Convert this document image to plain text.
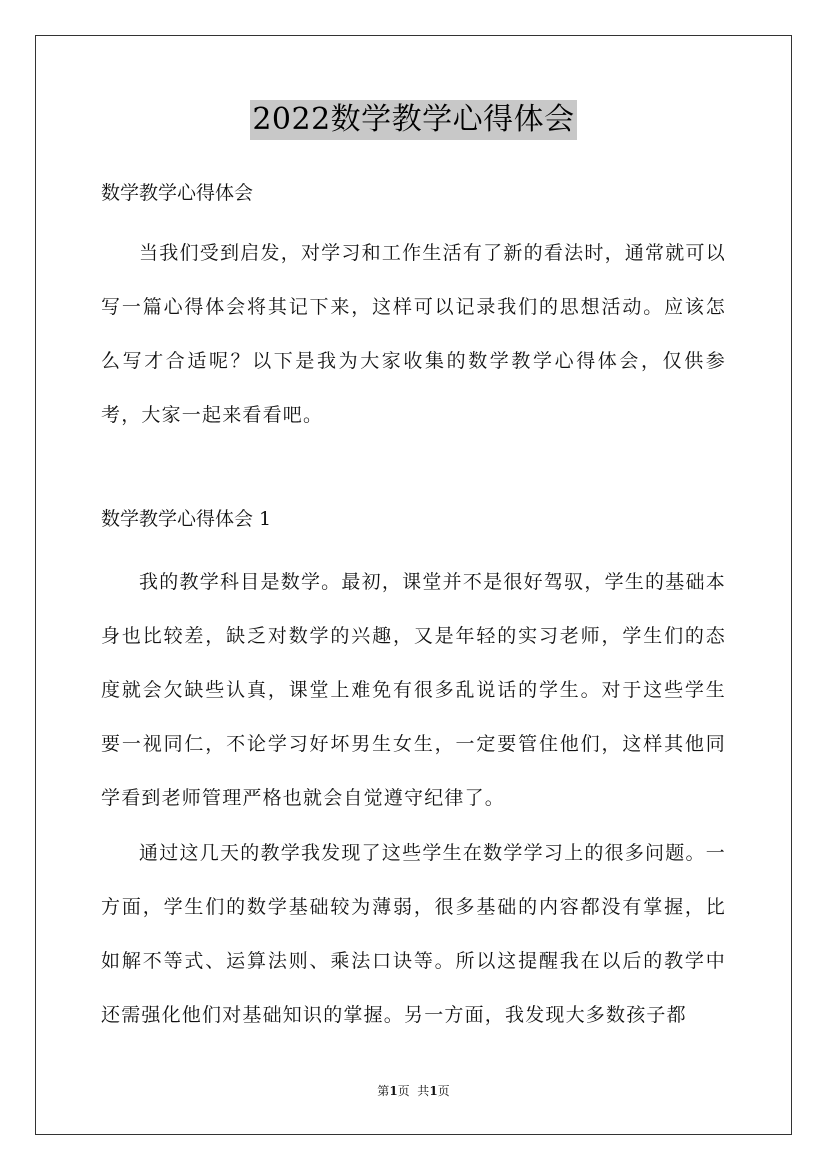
2022数学教学心得体会

数学教学心得体会

当我们受到启发，对学习和工作生活有了新的看法时，通常就可以写一篇心得体会将其记下来，这样可以记录我们的思想活动。应该怎么写才合适呢？以下是我为大家收集的数学教学心得体会，仅供参考，大家一起来看看吧。

数学教学心得体会 1

我的教学科目是数学。最初，课堂并不是很好驾驭，学生的基础本身也比较差，缺乏对数学的兴趣，又是年轻的实习老师，学生们的态度就会欠缺些认真，课堂上难免有很多乱说话的学生。对于这些学生要一视同仁，不论学习好坏男生女生，一定要管住他们，这样其他同学看到老师管理严格也就会自觉遵守纪律了。

通过这几天的教学我发现了这些学生在数学学习上的很多问题。一方面，学生们的数学基础较为薄弱，很多基础的内容都没有掌握，比如解不等式、运算法则、乘法口诀等。所以这提醒我在以后的教学中还需强化他们对基础知识的掌握。另一方面，我发现大多数孩子都

第1页  共1页
